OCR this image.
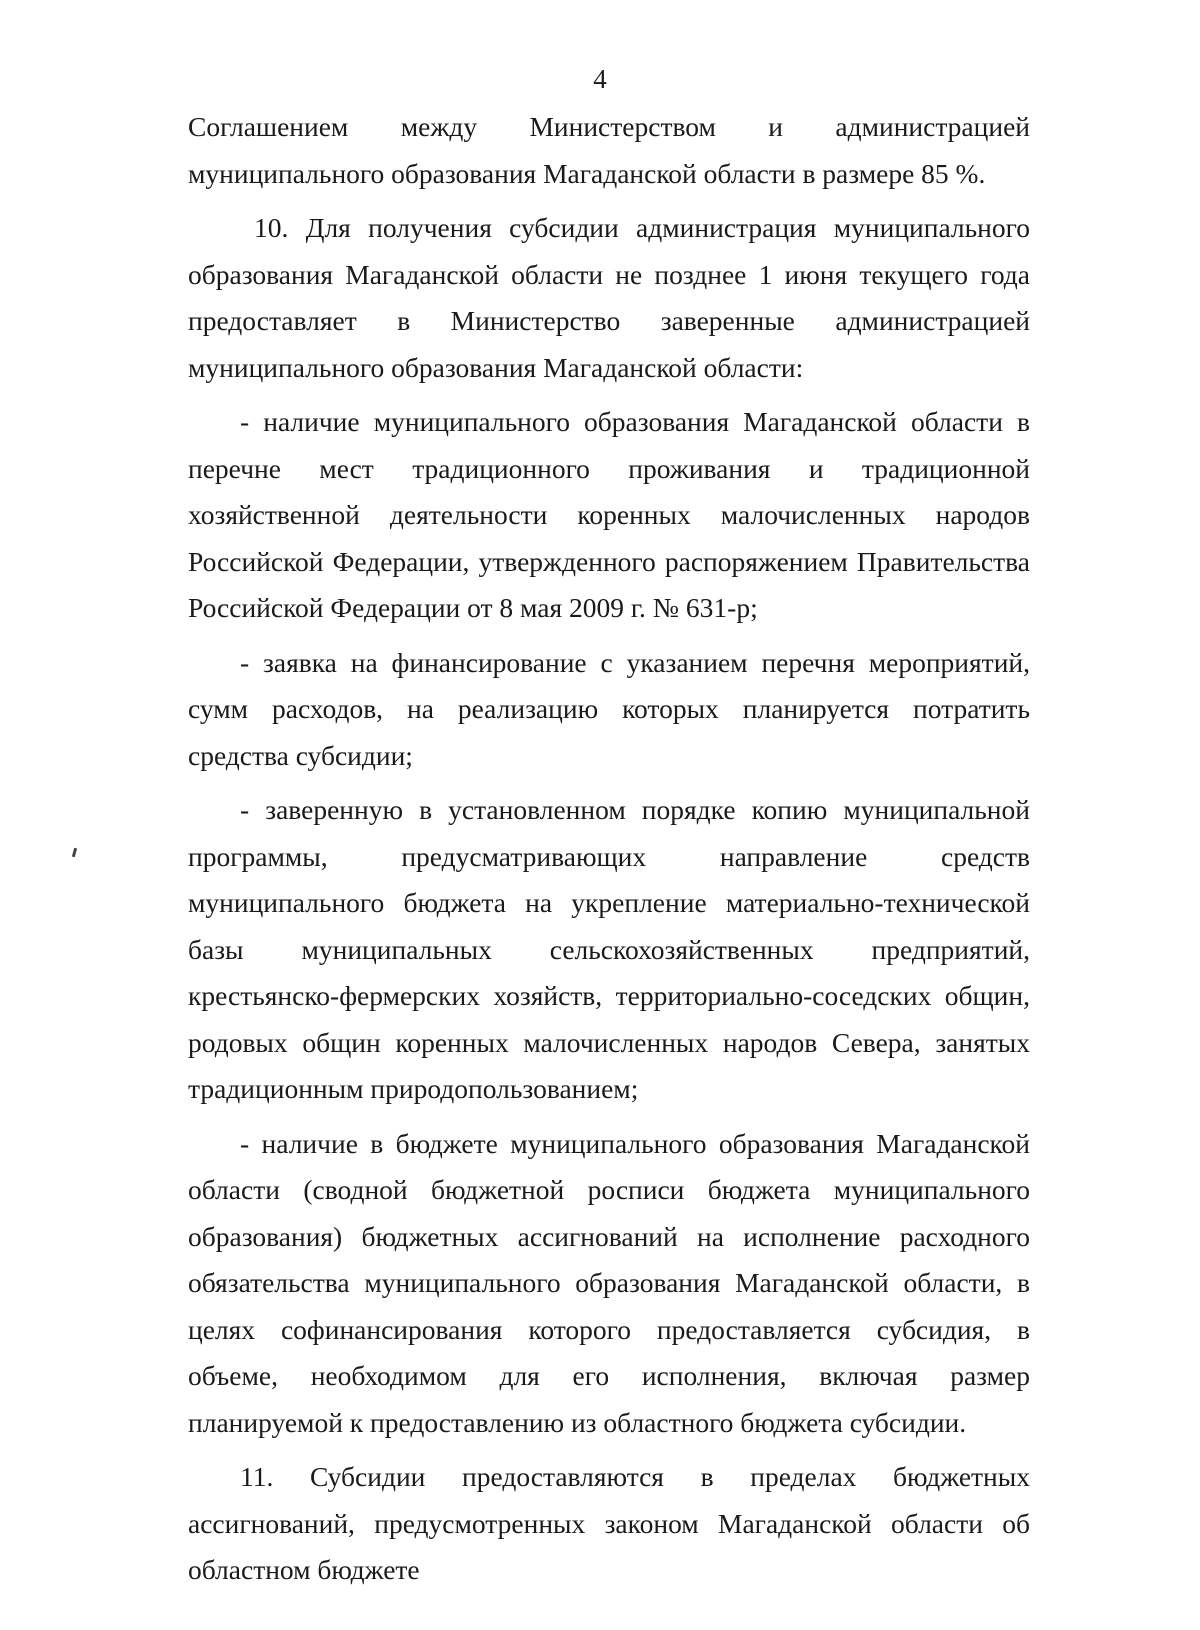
4

Соглашением между Министерством и администрацией муниципального образования Магаданской области в размере 85 %.

10. Для получения субсидии администрация муниципального образования Магаданской области не позднее 1 июня текущего года предоставляет в Министерство заверенные администрацией муниципального образования Магаданской области:

- наличие муниципального образования Магаданской области в перечне мест традиционного проживания и традиционной хозяйственной деятельности коренных малочисленных народов Российской Федерации, утвержденного распоряжением Правительства Российской Федерации от 8 мая 2009 г. № 631-р;

- заявка на финансирование с указанием перечня мероприятий, сумм расходов, на реализацию которых планируется потратить средства субсидии;

- заверенную в установленном порядке копию муниципальной программы, предусматривающих направление средств муниципального бюджета на укрепление материально-технической базы муниципальных сельскохозяйственных предприятий, крестьянско-фермерских хозяйств, территориально-соседских общин, родовых общин коренных малочисленных народов Севера, занятых традиционным природопользованием;

- наличие в бюджете муниципального образования Магаданской области (сводной бюджетной росписи бюджета муниципального образования) бюджетных ассигнований на исполнение расходного обязательства муниципального образования Магаданской области, в целях софинансирования которого предоставляется субсидия, в объеме, необходимом для его исполнения, включая размер планируемой к предоставлению из областного бюджета субсидии.

11. Субсидии предоставляются в пределах бюджетных ассигнований, предусмотренных законом Магаданской области об областном бюджете
